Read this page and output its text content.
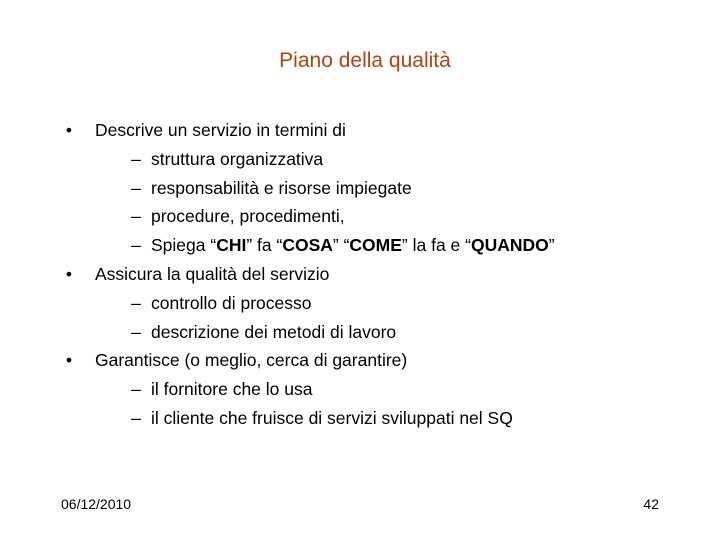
Piano della qualità
• Descrive un servizio in termini di
– struttura organizzativa
– responsabilità e risorse impiegate
– procedure, procedimenti,
– Spiega “CHI” fa “COSA” “COME” la fa e “QUANDO”
• Assicura la qualità del servizio
– controllo di processo
– descrizione dei metodi di lavoro
• Garantisce (o meglio, cerca di garantire)
– il fornitore che lo usa
– il cliente che fruisce di servizi sviluppati nel SQ
06/12/2010	42
